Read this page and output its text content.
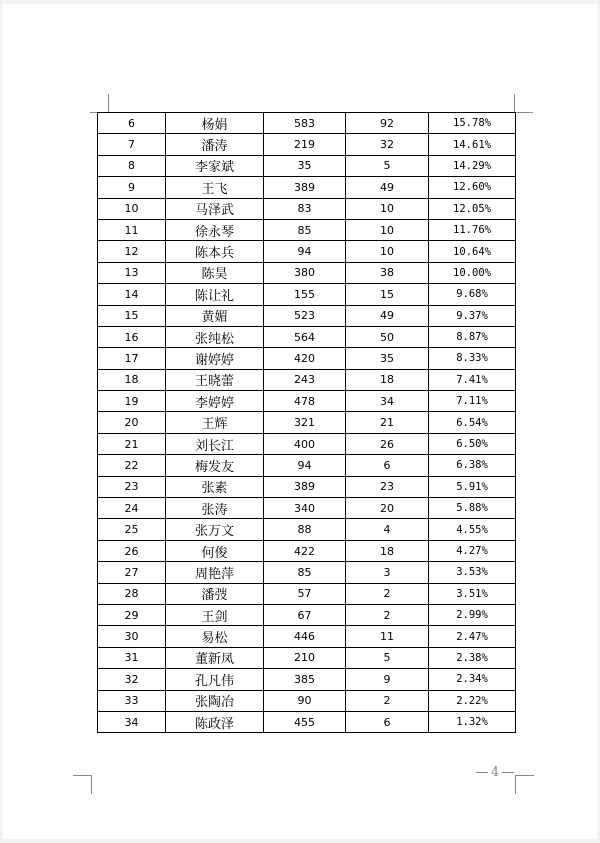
6	杨娟	583	92	15.78%
7	潘涛	219	32	14.61%
8	李家斌	35	5	14.29%
9	王飞	389	49	12.60%
10	马泽武	83	10	12.05%
11	徐永琴	85	10	11.76%
12	陈本兵	94	10	10.64%
13	陈昊	380	38	10.00%
14	陈让礼	155	15	9.68%
15	黄媚	523	49	9.37%
16	张纯松	564	50	8.87%
17	谢婷婷	420	35	8.33%
18	王晓蕾	243	18	7.41%
19	李婷婷	478	34	7.11%
20	王辉	321	21	6.54%
21	刘长江	400	26	6.50%
22	梅发友	94	6	6.38%
23	张素	389	23	5.91%
24	张涛	340	20	5.88%
25	张万文	88	4	4.55%
26	何俊	422	18	4.27%
27	周艳萍	85	3	3.53%
28	潘弢	57	2	3.51%
29	王剑	67	2	2.99%
30	易松	446	11	2.47%
31	董新凤	210	5	2.38%
32	孔凡伟	385	9	2.34%
33	张陶冶	90	2	2.22%
34	陈政泽	455	6	1.32%
4
